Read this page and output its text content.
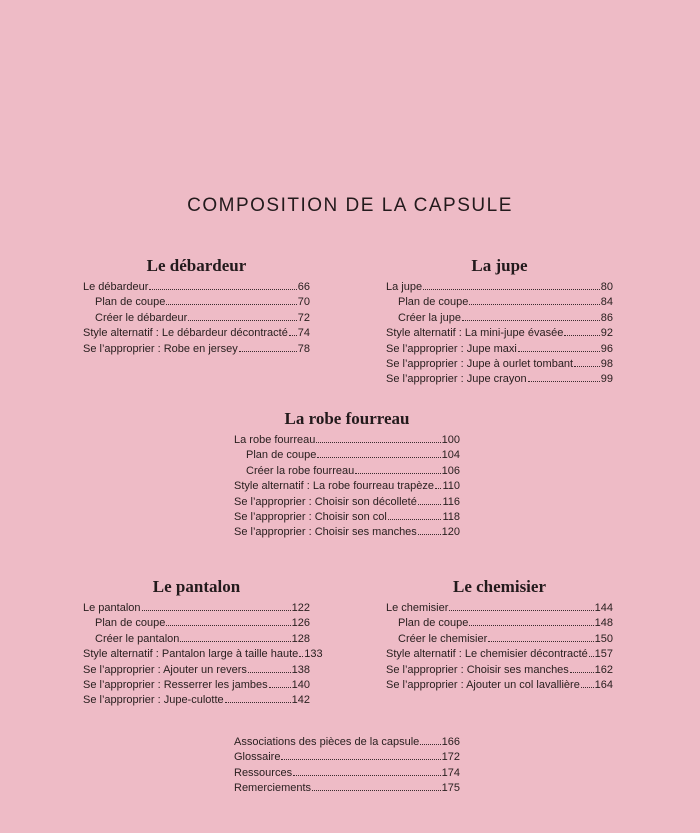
COMPOSITION DE LA CAPSULE
Le débardeur
Le débardeur	66
Plan de coupe	70
Créer le débardeur	72
Style alternatif : Le débardeur décontracté 74
Se l’approprier : Robe en jersey	78
La jupe
La jupe	80
Plan de coupe	84
Créer la jupe	86
Style alternatif : La mini-jupe évasée	92
Se l’approprier : Jupe maxi	96
Se l’approprier : Jupe à ourlet tombant	98
Se l’approprier : Jupe crayon	99
La robe fourreau
La robe fourreau	100
Plan de coupe	104
Créer la robe fourreau	106
Style alternatif : La robe fourreau trapèze 110
Se l’approprier : Choisir son décolleté 116
Se l’approprier : Choisir son col	118
Se l’approprier : Choisir ses manches 120
Le pantalon
Le pantalon	122
Plan de coupe	126
Créer le pantalon	128
Style alternatif : Pantalon large à taille haute 133
Se l’approprier : Ajouter un revers	138
Se l’approprier : Resserrer les jambes 140
Se l’approprier : Jupe-culotte	142
Le chemisier
Le chemisier	144
Plan de coupe	148
Créer le chemisier	150
Style alternatif : Le chemisier décontracté 157
Se l’approprier : Choisir ses manches 162
Se l’approprier : Ajouter un col lavallière 164
Associations des pièces de la capsule 166
Glossaire	172
Ressources	174
Remerciements	175
